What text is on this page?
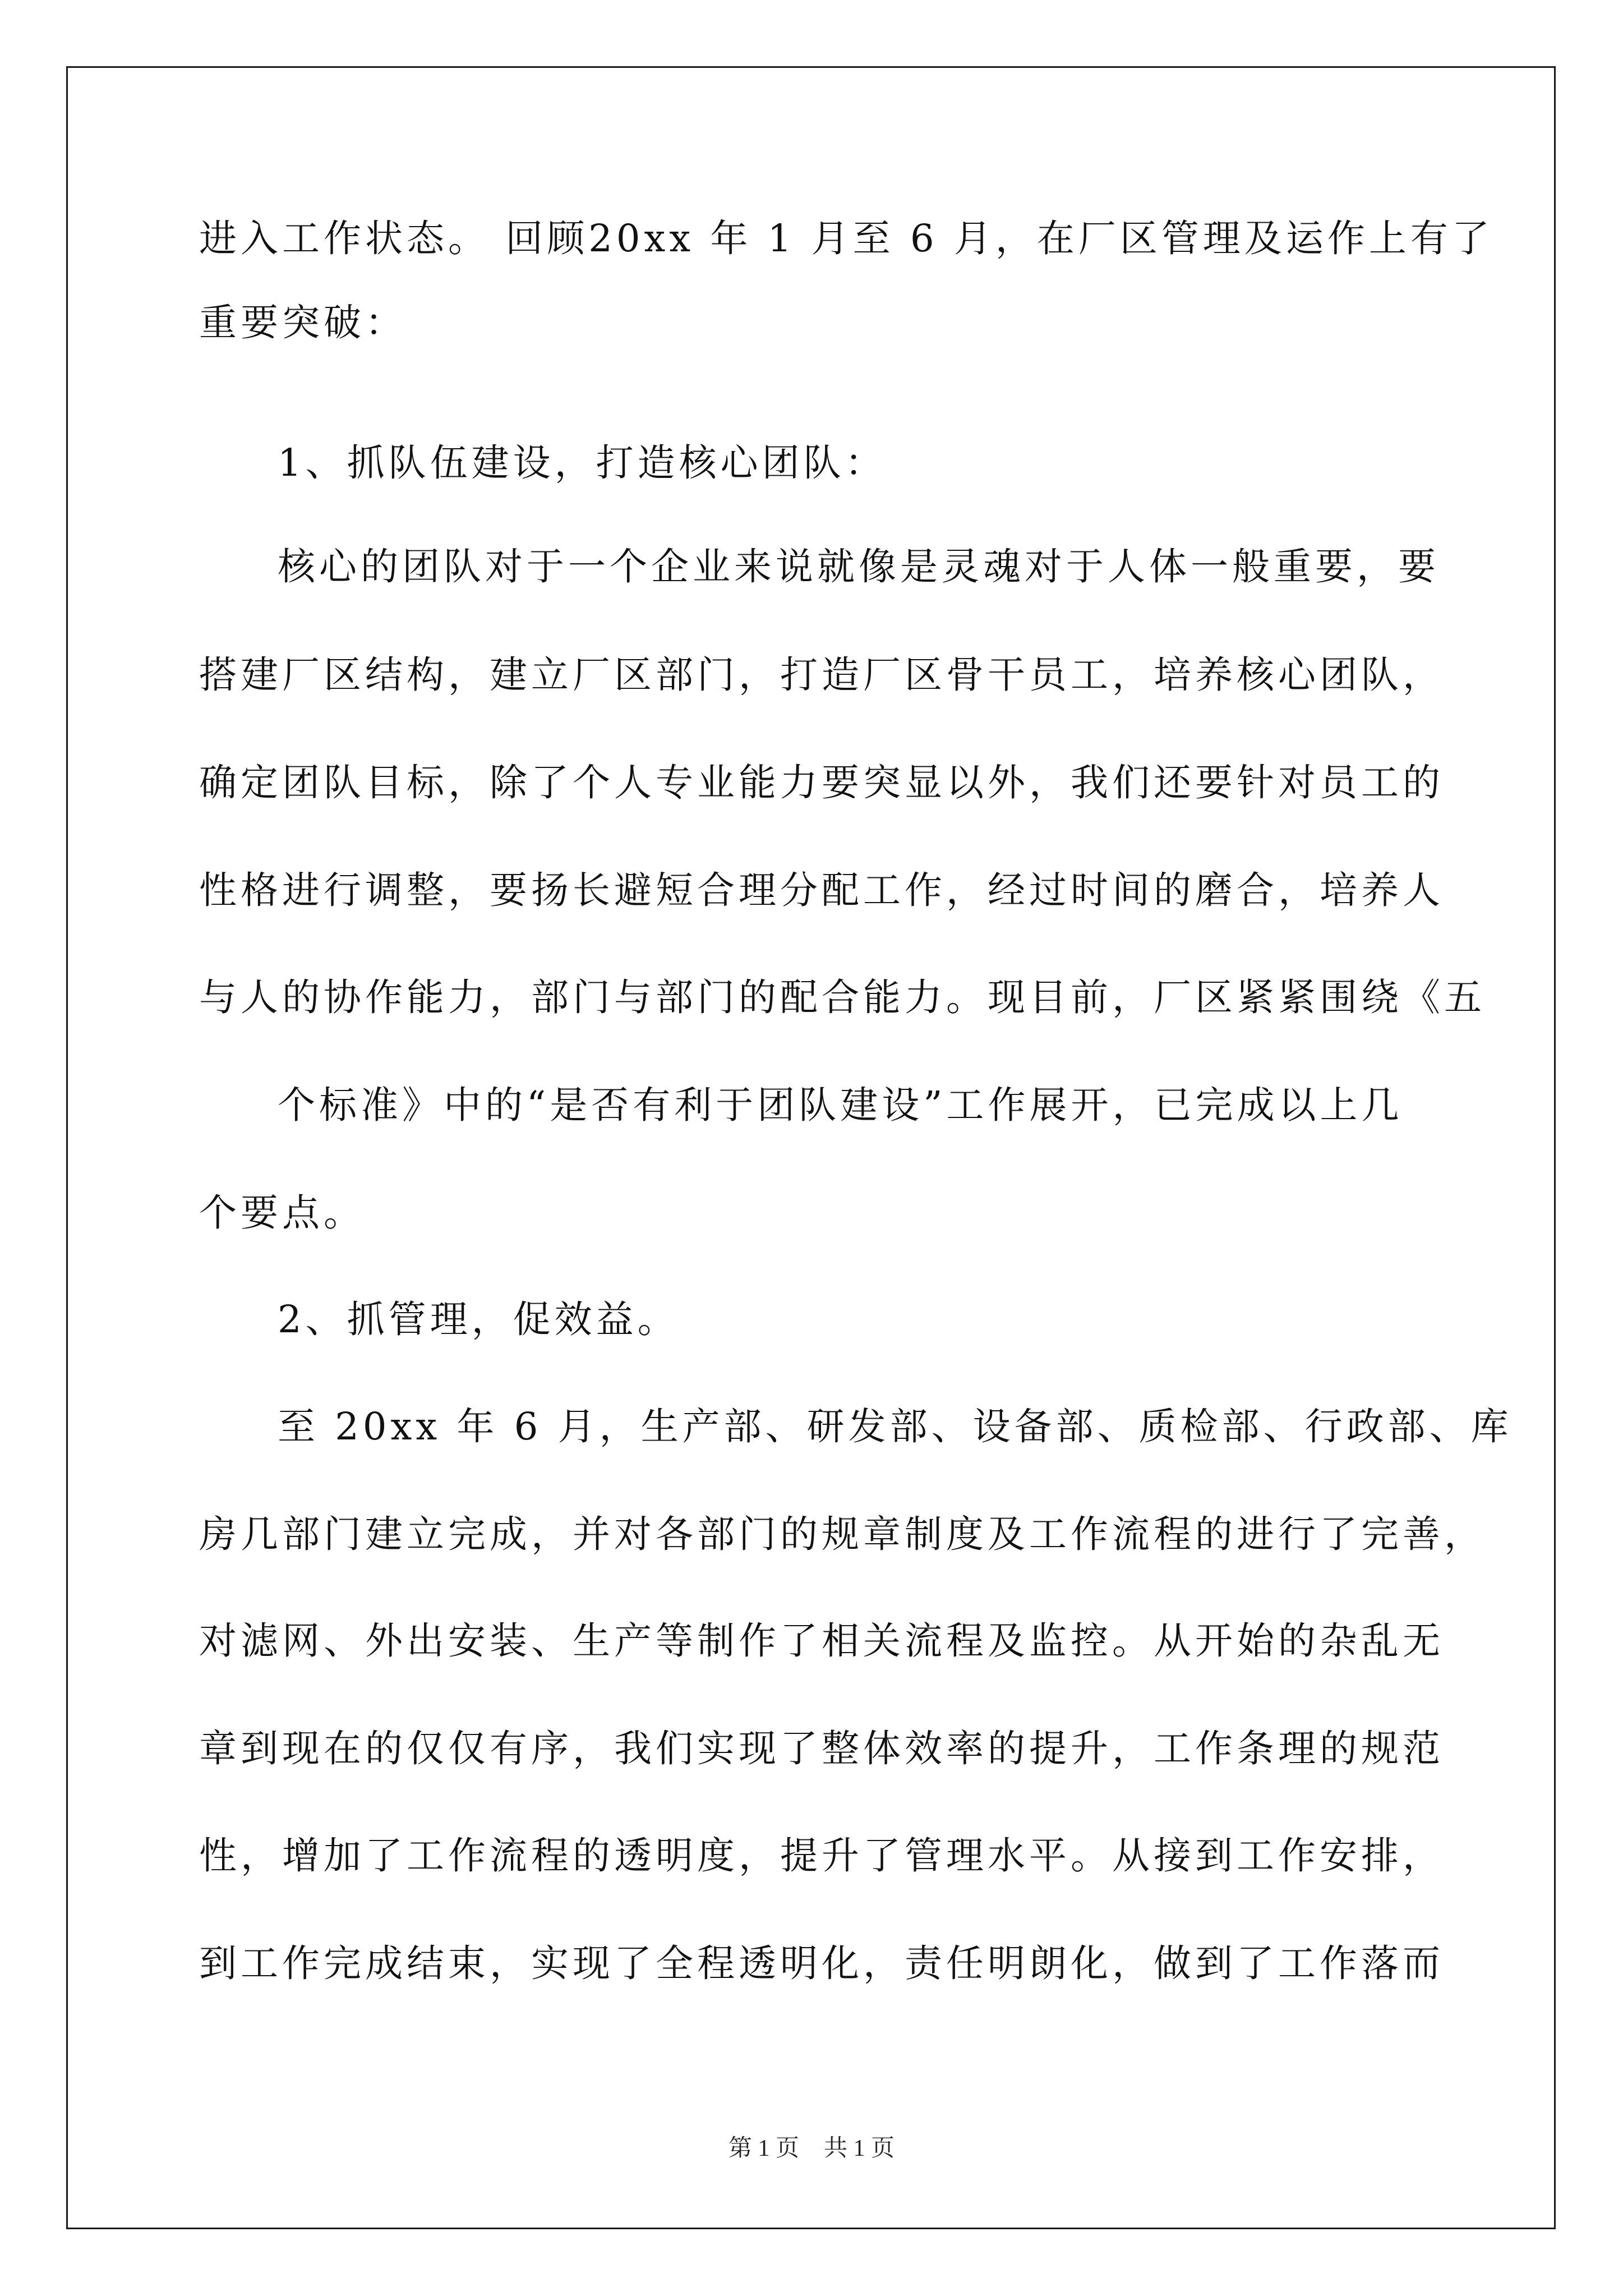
进入工作状态。 回顾20xx 年 1 月至 6 月，在厂区管理及运作上有了
重要突破：
1、抓队伍建设，打造核心团队：
核心的团队对于一个企业来说就像是灵魂对于人体一般重要，要
搭建厂区结构，建立厂区部门，打造厂区骨干员工，培养核心团队，
确定团队目标，除了个人专业能力要突显以外，我们还要针对员工的
性格进行调整，要扬长避短合理分配工作，经过时间的磨合，培养人
与人的协作能力，部门与部门的配合能力。现目前，厂区紧紧围绕《五
个标准》中的“是否有利于团队建设”工作展开，已完成以上几
个要点。
2、抓管理，促效益。
至 20xx 年 6 月，生产部、研发部、设备部、质检部、行政部、库
房几部门建立完成，并对各部门的规章制度及工作流程的进行了完善，
对滤网、外出安装、生产等制作了相关流程及监控。从开始的杂乱无
章到现在的仅仅有序，我们实现了整体效率的提升，工作条理的规范
性，增加了工作流程的透明度，提升了管理水平。从接到工作安排，
到工作完成结束，实现了全程透明化，责任明朗化，做到了工作落而
第 1 页 共 1 页
